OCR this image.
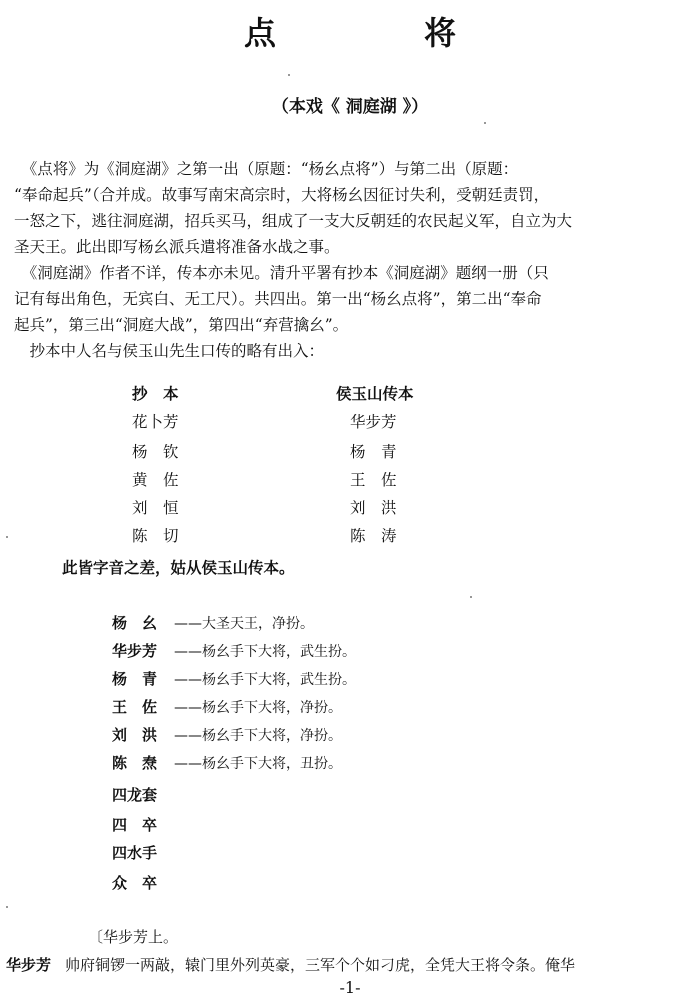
点　将
（本戏《 洞庭湖 》）
　《点将》为《洞庭湖》之第一出（原题：“杨幺点将”）与第二出（原题：
“奉命起兵”（合并成。故事写南宋高宗时，大将杨幺因征讨失利，受朝廷责罚，
一怒之下，逃往洞庭湖，招兵买马，组成了一支大反朝廷的农民起义军，自立为大
圣天王。此出即写杨幺派兵遣将准备水战之事。
　《洞庭湖》作者不详，传本亦未见。清升平署有抄本《洞庭湖》题纲一册（只
记有每出角色，无宾白、无工尺）。共四出。第一出“杨幺点将”，第二出“奉命
起兵”，第三出“洞庭大战”，第四出“弃营擒幺”。
　抄本中人名与侯玉山先生口传的略有出入：
抄　本	侯玉山传本
花卜芳	华步芳
杨　钦	杨　青
黄　佐	王　佐
刘　恒	刘　洪
陈　切	陈　涛
此皆字音之差，姑从侯玉山传本。
杨　幺 ——大圣天王，净扮。
华步芳 ——杨幺手下大将，武生扮。
杨　青 ——杨幺手下大将，武生扮。
王　佐 ——杨幺手下大将，净扮。
刘　洪 ——杨幺手下大将，净扮。
陈　焘 ——杨幺手下大将，丑扮。
四龙套
四　卒
四水手
众　卒
〔华步芳上。
华步芳 帅府铜锣一两敲，辕门里外列英豪，三军个个如刁虎，全凭大王将令条。俺华
-1-
